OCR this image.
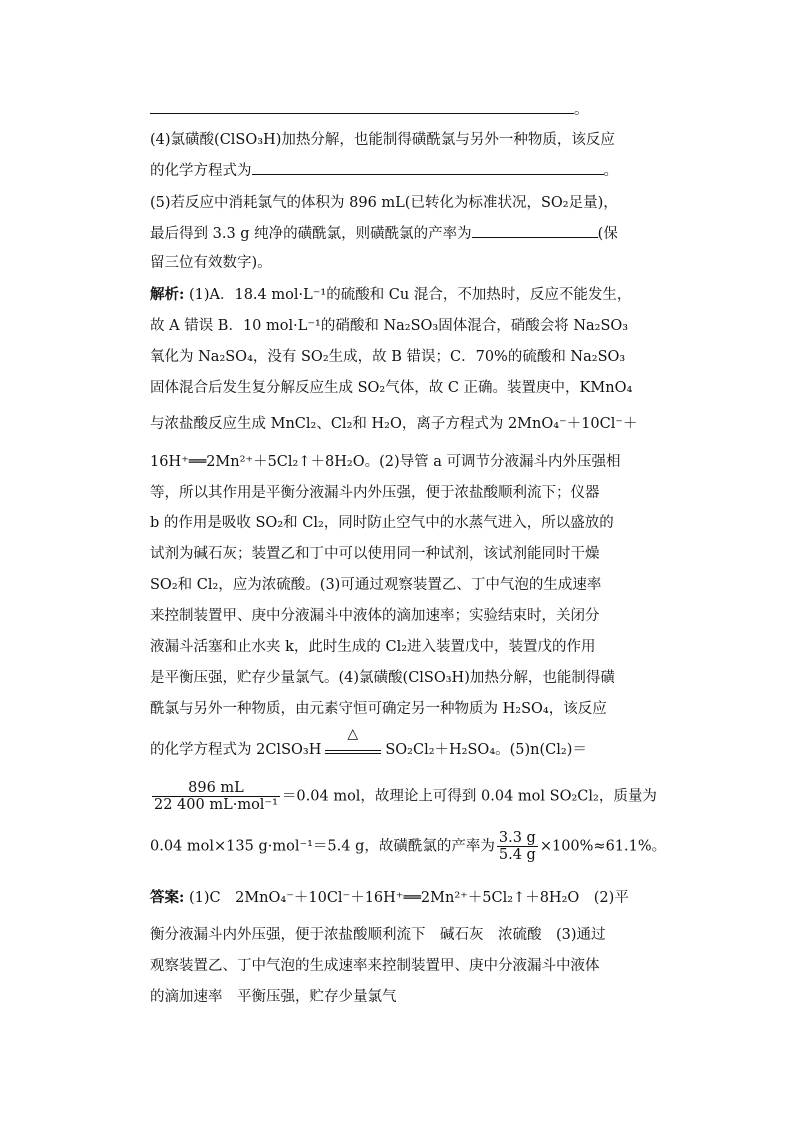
。
(4)氯磺酸(ClSO₃H)加热分解，也能制得磺酰氯与另外一种物质，该反应
的化学方程式为	。
(5)若反应中消耗氯气的体积为 896 mL(已转化为标准状况，SO₂足量)，
最后得到 3.3 g 纯净的磺酰氯，则磺酰氯的产率为	(保
留三位有效数字)。
解析: (1)A．18.4 mol·L⁻¹的硫酸和 Cu 混合，不加热时，反应不能发生，
故 A 错误 B．10 mol·L⁻¹的硝酸和 Na₂SO₃固体混合，硝酸会将 Na₂SO₃
氧化为 Na₂SO₄，没有 SO₂生成，故 B 错误；C．70%的硫酸和 Na₂SO₃
固体混合后发生复分解反应生成 SO₂气体，故 C 正确。装置庚中，KMnO₄
与浓盐酸反应生成 MnCl₂、Cl₂和 H₂O，离子方程式为 2MnO₄⁻＋10Cl⁻＋
16H⁺══2Mn²⁺＋5Cl₂↑＋8H₂O。(2)导管 a 可调节分液漏斗内外压强相
等，所以其作用是平衡分液漏斗内外压强，便于浓盐酸顺利流下；仪器
b 的作用是吸收 SO₂和 Cl₂，同时防止空气中的水蒸气进入，所以盛放的
试剂为碱石灰；装置乙和丁中可以使用同一种试剂，该试剂能同时干燥
SO₂和 Cl₂，应为浓硫酸。(3)可通过观察装置乙、丁中气泡的生成速率
来控制装置甲、庚中分液漏斗中液体的滴加速率；实验结束时，关闭分
液漏斗活塞和止水夹 k，此时生成的 Cl₂进入装置戊中，装置戊的作用
是平衡压强，贮存少量氯气。(4)氯磺酸(ClSO₃H)加热分解，也能制得磺
酰氯与另外一种物质，由元素守恒可确定另一种物质为 H₂SO₄，该反应
的化学方程式为 2ClSO₃H
△
SO₂Cl₂＋H₂SO₄。(5)n(Cl₂)＝
$\frac{896 mL}{\text{22 400 mL·mol⁻¹}} =0.04$ mol，故理论上可得到 0.04 mol SO₂Cl₂，质量为
0.04 mol×135 g·mol⁻¹＝5.4 g，故磺酰氯的产率为 $\frac{3.3 g}{5.4 g} \times 100\%\approx 61.1\%$。
答案: (1)C　2MnO₄⁻＋10Cl⁻＋16H⁺══2Mn²⁺＋5Cl₂↑＋8H₂O　(2)平
衡分液漏斗内外压强，便于浓盐酸顺利流下　碱石灰　浓硫酸　(3)通过
观察装置乙、丁中气泡的生成速率来控制装置甲、庚中分液漏斗中液体
的滴加速率　平衡压强，贮存少量氯气
